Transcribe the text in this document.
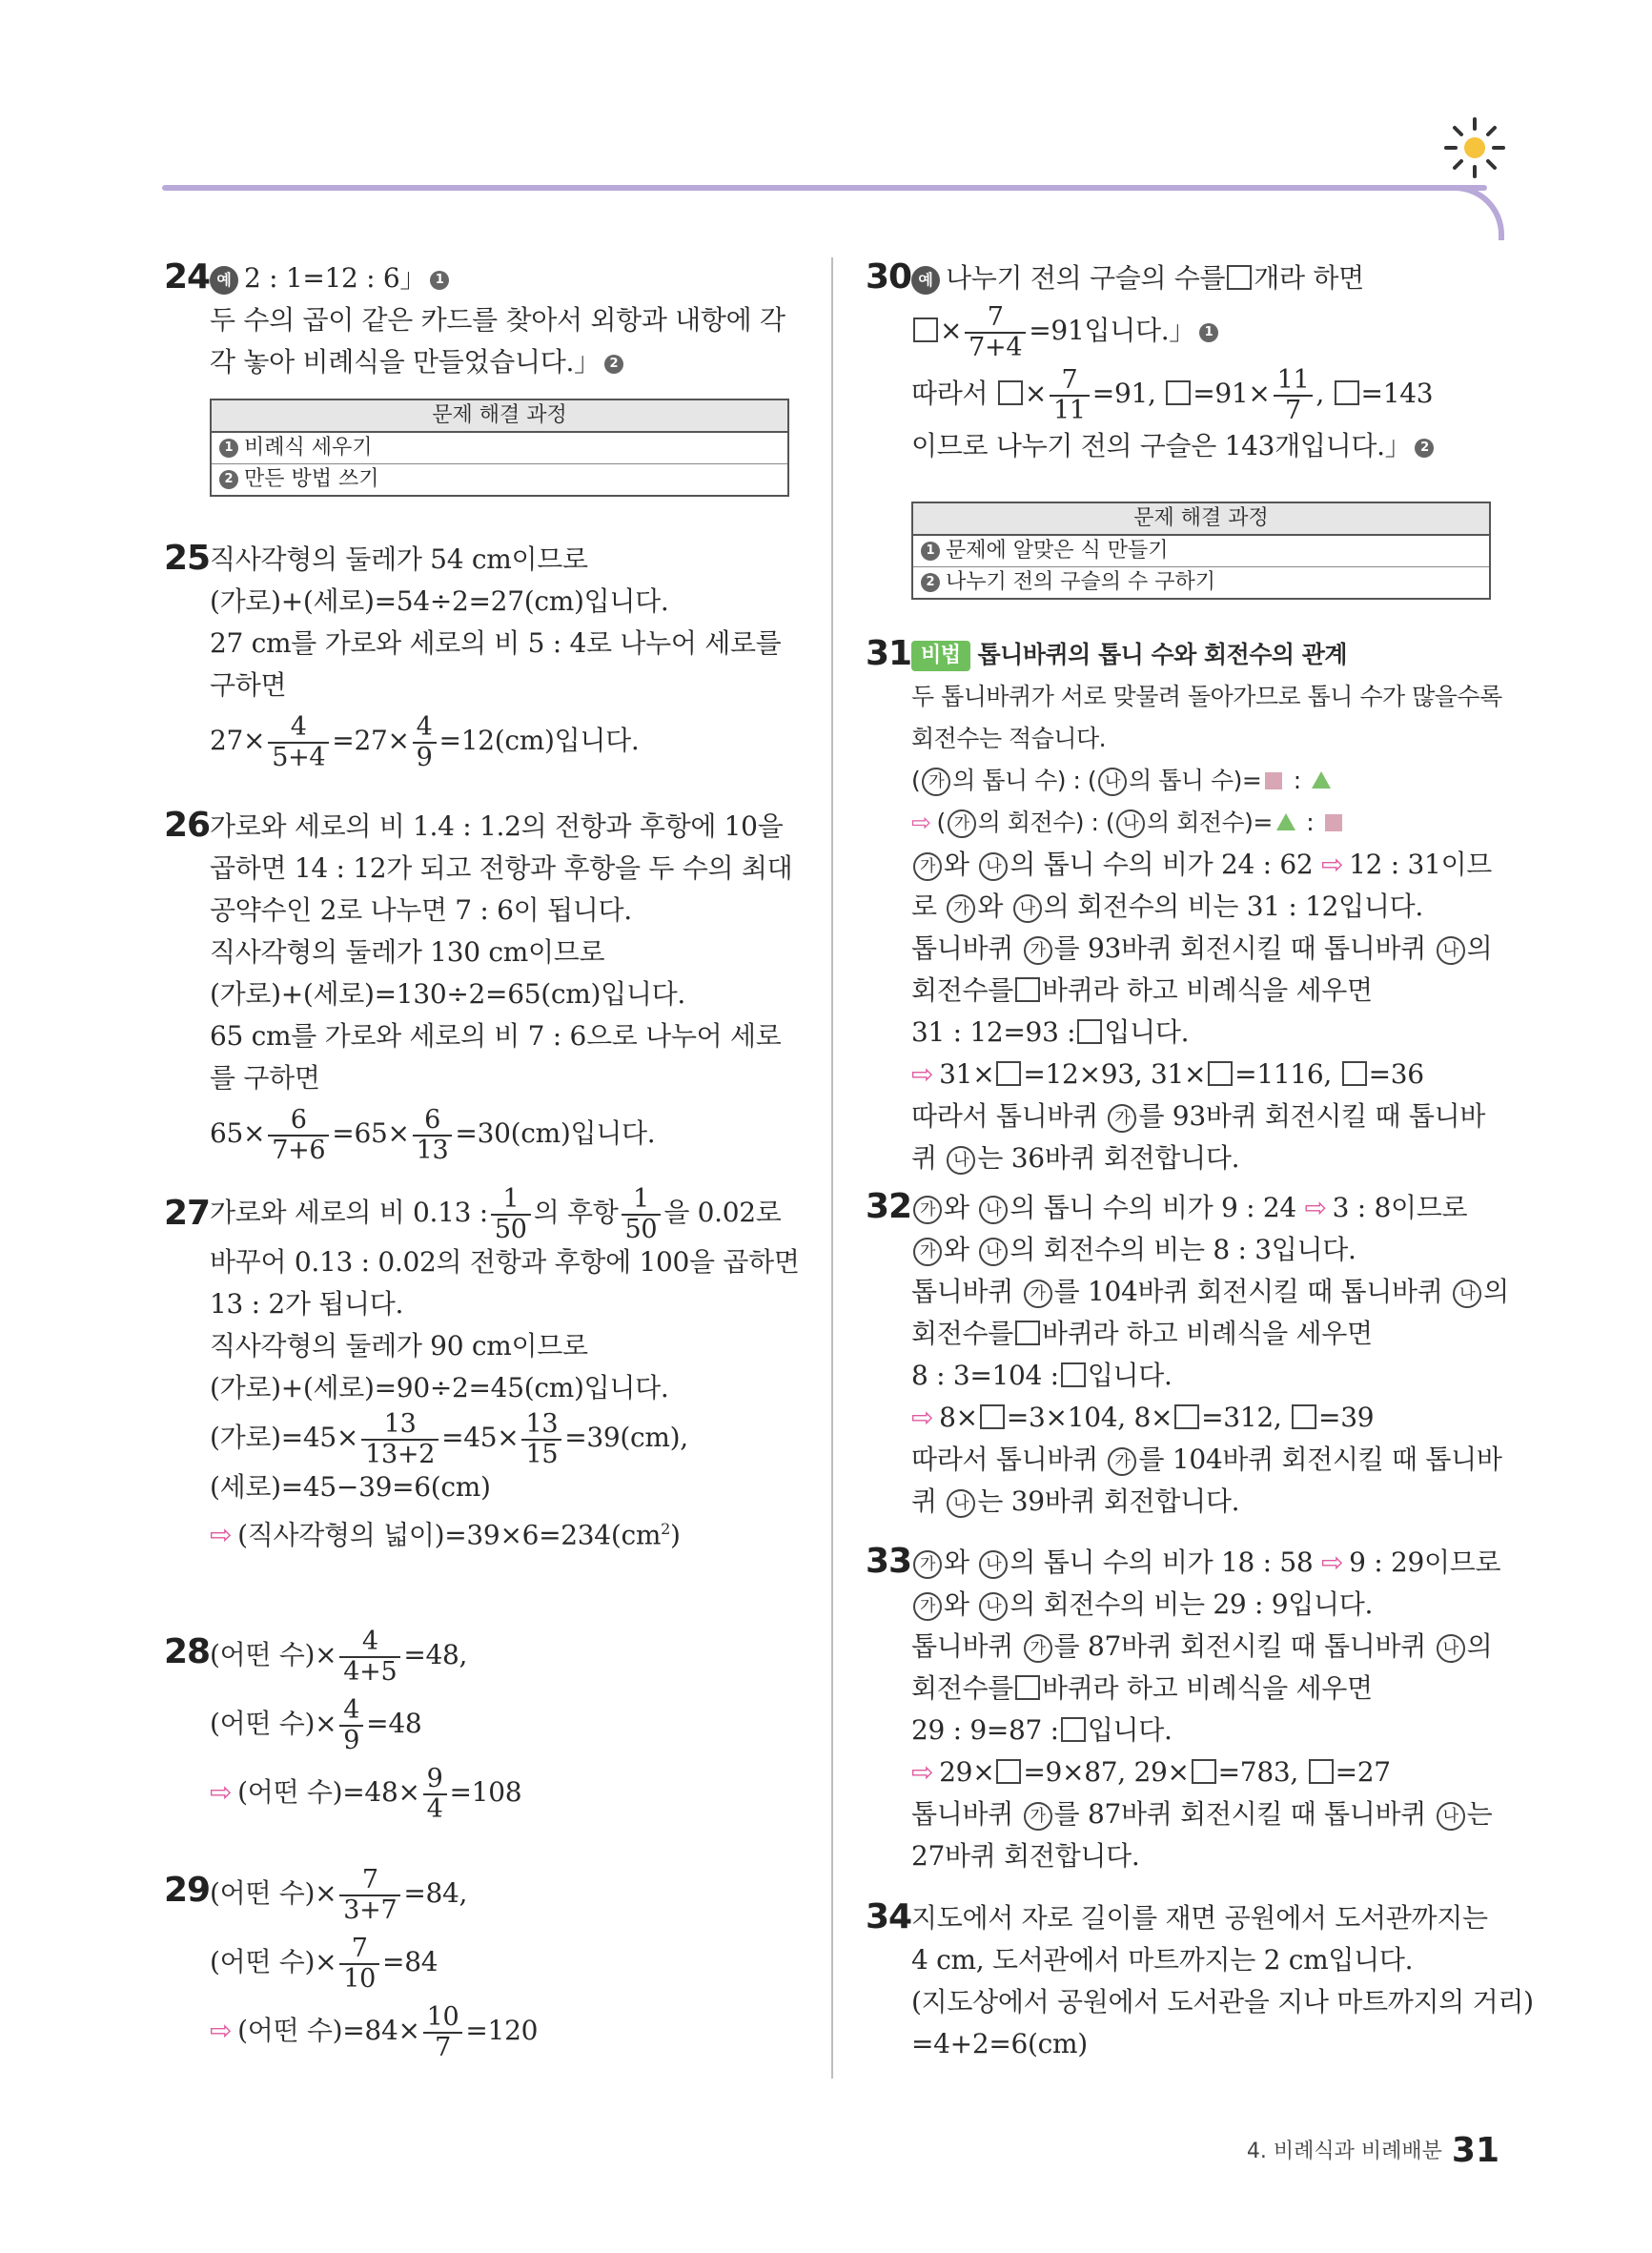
24 예 2 : 1=12 : 6」 1
두 수의 곱이 같은 카드를 찾아서 외항과 내항에 각
각 놓아 비례식을 만들었습니다.」 2
문제 해결 과정
1 비례식 세우기
2 만든 방법 쓰기
25 직사각형의 둘레가 54 cm이므로
(가로)+(세로)=54÷2=27(cm)입니다.
27 cm를 가로와 세로의 비 5 : 4로 나누어 세로를
구하면
$27\times \frac{4}{5+4} =27\times \frac{4}{9} =12(cm)$입니다.
26 가로와 세로의 비 1.4 : 1.2의 전항과 후항에 10을
곱하면 14 : 12가 되고 전항과 후항을 두 수의 최대
공약수인 2로 나누면 7 : 6이 됩니다.
직사각형의 둘레가 130 cm이므로
(가로)+(세로)=130÷2=65(cm)입니다.
65 cm를 가로와 세로의 비 7 : 6으로 나누어 세로
를 구하면
$65\times \frac{6}{7+6} =65\times \frac{6}{13} =30(cm)$입니다.
27 가로와 세로의 비 0.13 : $\frac{1}{50}$ 의 후항 $\frac{1}{50}$ 을 0.02로
바꾸어 0.13 : 0.02의 전항과 후항에 100을 곱하면
13 : 2가 됩니다.
직사각형의 둘레가 90 cm이므로
(가로)+(세로)=90÷2=45(cm)입니다.
(가로)$=45\times \frac{13}{13+2} =45\times \frac{13}{15} =39(cm)$,
(세로)=45−39=6(cm)
⇨ (직사각형의 넓이)$=39\times 6=234(cm^2)$
28 (어떤 수)× $\frac{4}{4+5} =48$,
(어떤 수)× $\frac{4}{9} =48$
⇨ (어떤 수)$=48\times \frac{9}{4} =108$
29 (어떤 수)× $\frac{7}{3+7} =84$,
(어떤 수)× $\frac{7}{10} =84$
⇨ (어떤 수)$=84\times \frac{10}{7} =120$
30 예 나누기 전의 구슬의 수를 개라 하면
× $\frac{7}{7+4} =91$입니다.」 1
따라서 × $\frac{7}{11} =91$, $=91\times \frac{11}{7}$ , =143
이므로 나누기 전의 구슬은 143개입니다.」 2
문제 해결 과정
1 문제에 알맞은 식 만들기
2 나누기 전의 구슬의 수 구하기
31 비법 톱니바퀴의 톱니 수와 회전수의 관계
두 톱니바퀴가 서로 맞물려 돌아가므로 톱니 수가 많을수록
회전수는 적습니다.
( 가 의 톱니 수) : ( 나 의 톱니 수)= :
⇨ ( 가 의 회전수) : ( 나 의 회전수)= :
가 와 나 의 톱니 수의 비가 24 : 62 ⇨ 12 : 31이므
로 가 와 나 의 회전수의 비는 31 : 12입니다.
톱니바퀴 가 를 93바퀴 회전시킬 때 톱니바퀴 나 의
회전수를 바퀴라 하고 비례식을 세우면
31 : 12=93 : 입니다.
⇨ 31× =12×93, 31× =1116, =36
따라서 톱니바퀴 가 를 93바퀴 회전시킬 때 톱니바
퀴 나 는 36바퀴 회전합니다.
32 가 와 나 의 톱니 수의 비가 9 : 24 ⇨ 3 : 8이므로
가 와 나 의 회전수의 비는 8 : 3입니다.
톱니바퀴 가 를 104바퀴 회전시킬 때 톱니바퀴 나 의
회전수를 바퀴라 하고 비례식을 세우면
8 : 3=104 : 입니다.
⇨ 8× =3×104, 8× =312, =39
따라서 톱니바퀴 가 를 104바퀴 회전시킬 때 톱니바
퀴 나 는 39바퀴 회전합니다.
33 가 와 나 의 톱니 수의 비가 18 : 58 ⇨ 9 : 29이므로
가 와 나 의 회전수의 비는 29 : 9입니다.
톱니바퀴 가 를 87바퀴 회전시킬 때 톱니바퀴 나 의
회전수를 바퀴라 하고 비례식을 세우면
29 : 9=87 : 입니다.
⇨ 29× =9×87, 29× =783, =27
톱니바퀴 가 를 87바퀴 회전시킬 때 톱니바퀴 나 는
27바퀴 회전합니다.
34 지도에서 자로 길이를 재면 공원에서 도서관까지는
4 cm, 도서관에서 마트까지는 2 cm입니다.
(지도상에서 공원에서 도서관을 지나 마트까지의 거리)
=4+2=6(cm)
4. 비례식과 비례배분 31
